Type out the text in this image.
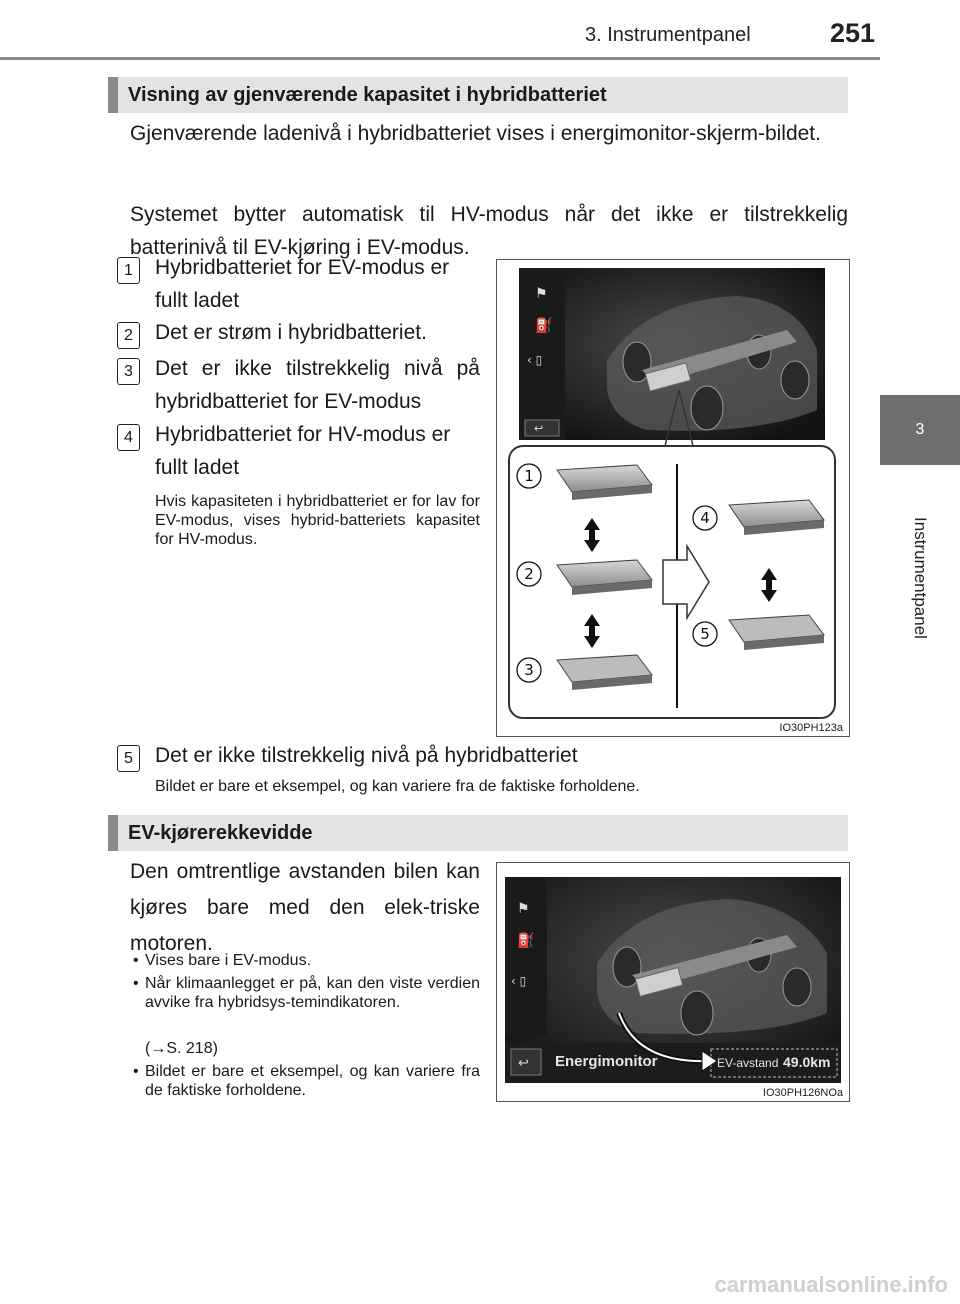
3. Instrumentpanel	251
3
Instrumentpanel
Visning av gjenværende kapasitet i hybridbatteriet
Gjenværende ladenivå i hybridbatteriet vises i energimonitor-skjerm-bildet.
Systemet bytter automatisk til HV-modus når det ikke er tilstrekkelig batterinivå til EV-kjøring i EV-modus.
1	Hybridbatteriet for EV-modus er fullt ladet
2	Det er strøm i hybridbatteriet.
3	Det er ikke tilstrekkelig nivå på hybridbatteriet for EV-modus
4	Hybridbatteriet for HV-modus er fullt ladet
Hvis kapasiteten i hybridbatteriet er for lav for EV-modus, vises hybrid-batteriets kapasitet for HV-modus.
⚑
⛽
‹ ▯
↩
1
2
3
4
5
IO30PH123a
5	Det er ikke tilstrekkelig nivå på hybridbatteriet
Bildet er bare et eksempel, og kan variere fra de faktiske forholdene.
EV-kjørerekkevidde
Den omtrentlige avstanden bilen kan kjøres bare med den elek-triske motoren.
• Vises bare i EV-modus.
• Når klimaanlegget er på, kan den viste verdien avvike fra hybridsys-temindikatoren.
(→S. 218)
• Bildet er bare et eksempel, og kan variere fra de faktiske forholdene.
⚑
⛽
‹ ▯
↩ Energimonitor	EV-avstand 49.0km
IO30PH126NOa
carmanualsonline.info
